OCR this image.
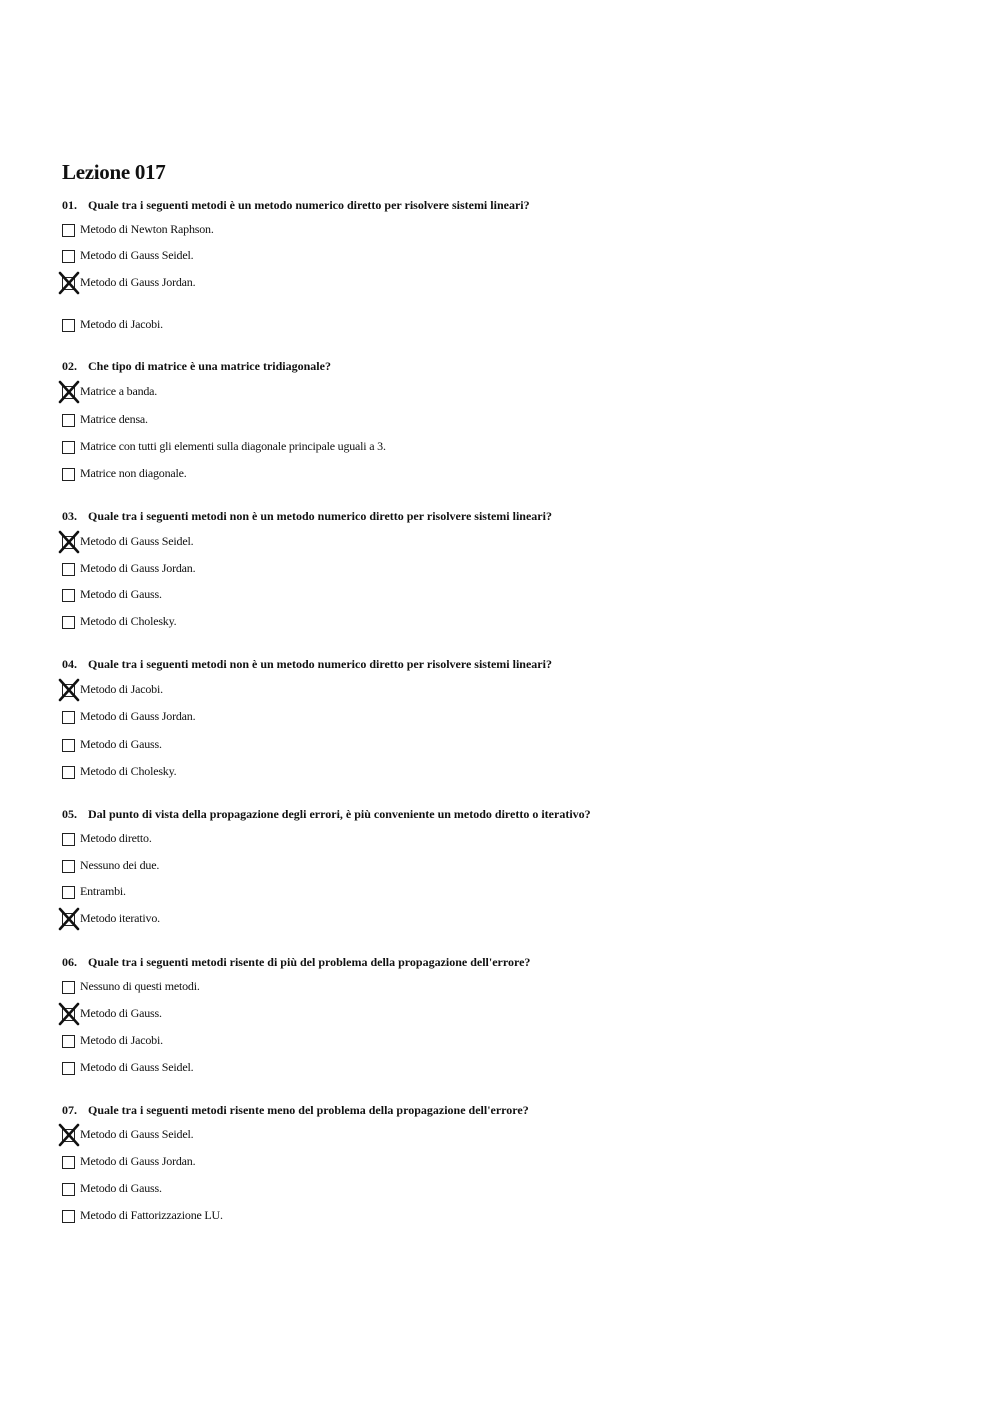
Lezione 017
01. Quale tra i seguenti metodi è un metodo numerico diretto per risolvere sistemi lineari?
Metodo di Newton Raphson.
Metodo di Gauss Seidel.
Metodo di Gauss Jordan.
Metodo di Jacobi.
02. Che tipo di matrice è una matrice tridiagonale?
Matrice a banda.
Matrice densa.
Matrice con tutti gli elementi sulla diagonale principale uguali a 3.
Matrice non diagonale.
03. Quale tra i seguenti metodi non è un metodo numerico diretto per risolvere sistemi lineari?
Metodo di Gauss Seidel.
Metodo di Gauss Jordan.
Metodo di Gauss.
Metodo di Cholesky.
04. Quale tra i seguenti metodi non è un metodo numerico diretto per risolvere sistemi lineari?
Metodo di Jacobi.
Metodo di Gauss Jordan.
Metodo di Gauss.
Metodo di Cholesky.
05. Dal punto di vista della propagazione degli errori, è più conveniente un metodo diretto o iterativo?
Metodo diretto.
Nessuno dei due.
Entrambi.
Metodo iterativo.
06. Quale tra i seguenti metodi risente di più del problema della propagazione dell'errore?
Nessuno di questi metodi.
Metodo di Gauss.
Metodo di Jacobi.
Metodo di Gauss Seidel.
07. Quale tra i seguenti metodi risente meno del problema della propagazione dell'errore?
Metodo di Gauss Seidel.
Metodo di Gauss Jordan.
Metodo di Gauss.
Metodo di Fattorizzazione LU.
